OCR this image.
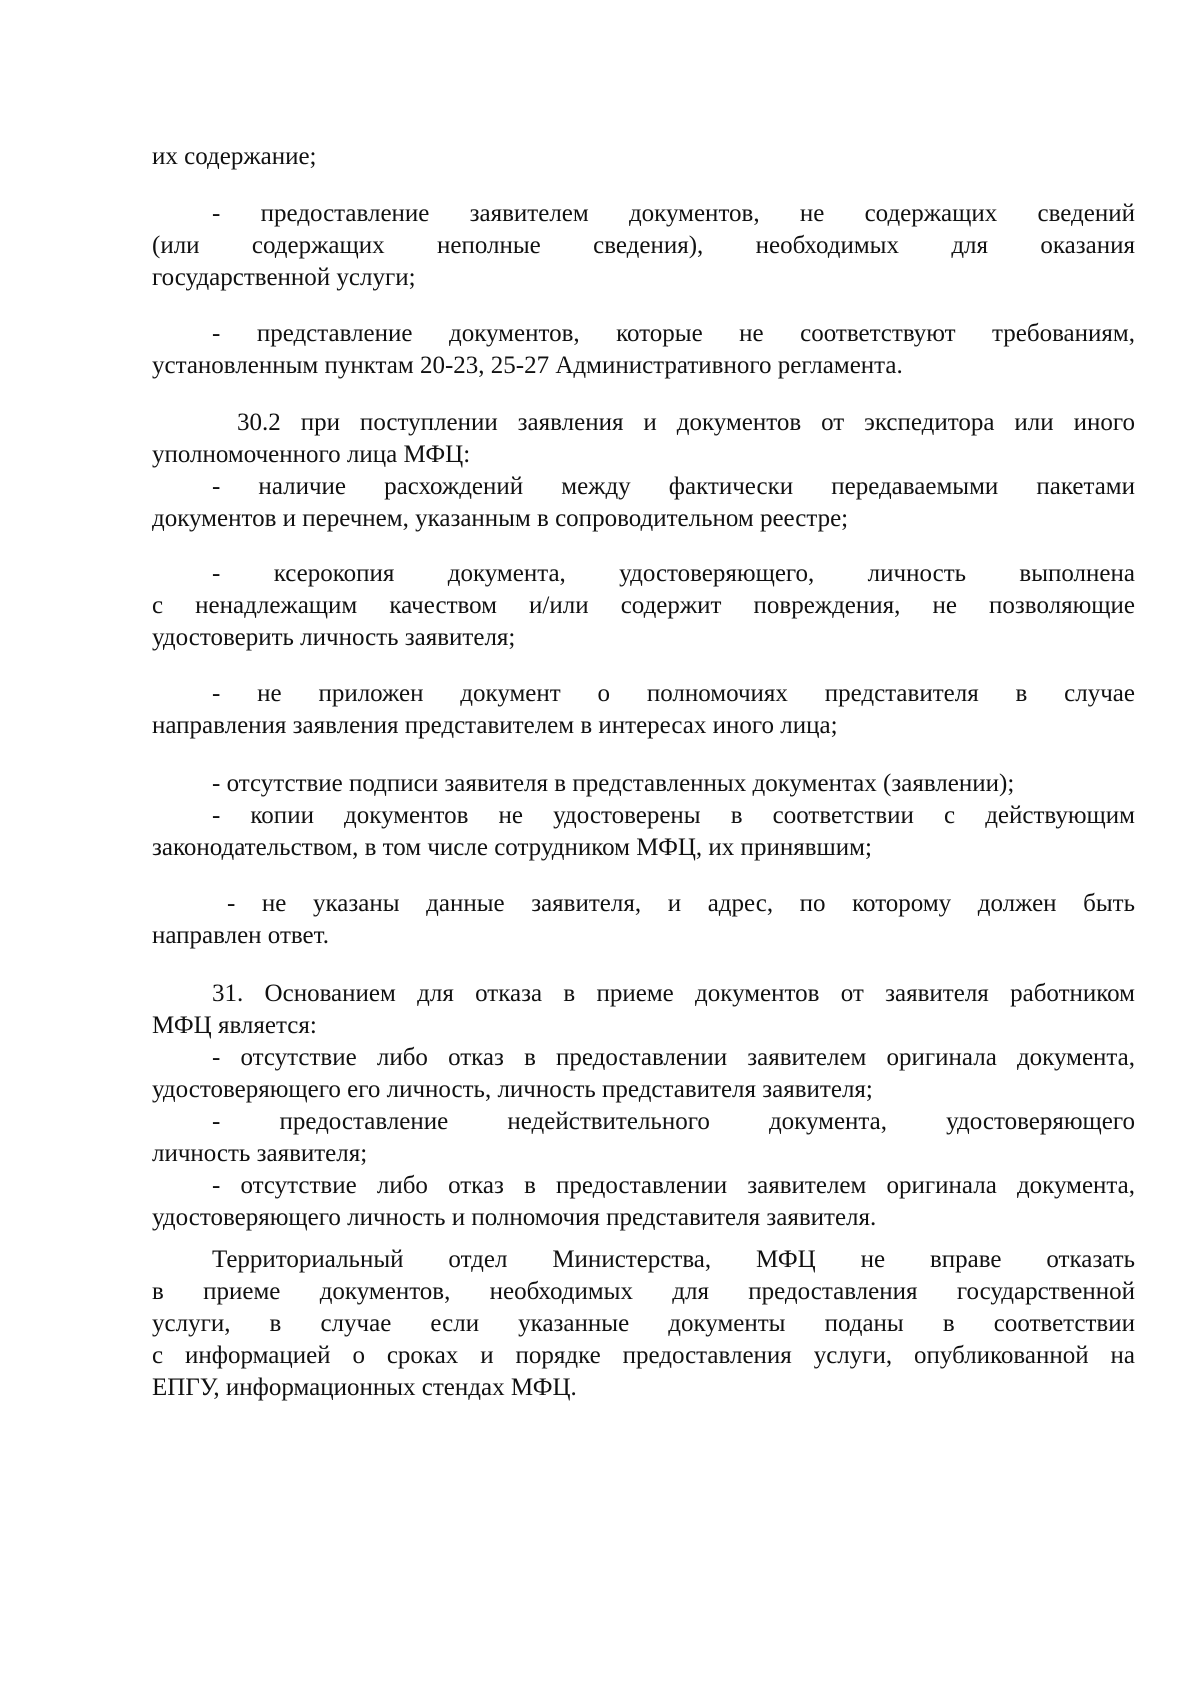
их содержание;
- предоставление заявителем документов, не содержащих сведений
(или содержащих неполные сведения), необходимых для оказания
государственной услуги;
- представление документов, которые не соответствуют требованиям,
установленным пунктам 20-23, 25-27 Административного регламента.
30.2 при поступлении заявления и документов от экспедитора или иного
уполномоченного лица МФЦ:
- наличие расхождений между фактически передаваемыми пакетами
документов и перечнем, указанным в сопроводительном реестре;
- ксерокопия документа, удостоверяющего, личность выполнена
с ненадлежащим качеством и/или содержит повреждения, не позволяющие
удостоверить личность заявителя;
- не приложен документ о полномочиях представителя в случае
направления заявления представителем в интересах иного лица;
- отсутствие подписи заявителя в представленных документах (заявлении);
- копии документов не удостоверены в соответствии с действующим
законодательством, в том числе сотрудником МФЦ, их принявшим;
- не указаны данные заявителя, и адрес, по которому должен быть
направлен ответ.
31. Основанием для отказа в приеме документов от заявителя работником
МФЦ является:
- отсутствие либо отказ в предоставлении заявителем оригинала документа,
удостоверяющего его личность, личность представителя заявителя;
- предоставление недействительного документа, удостоверяющего
личность заявителя;
- отсутствие либо отказ в предоставлении заявителем оригинала документа,
удостоверяющего личность и полномочия представителя заявителя.
Территориальный отдел Министерства, МФЦ не вправе отказать
в приеме документов, необходимых для предоставления государственной
услуги, в случае если указанные документы поданы в соответствии
с информацией о сроках и порядке предоставления услуги, опубликованной на
ЕПГУ, информационных стендах МФЦ.
